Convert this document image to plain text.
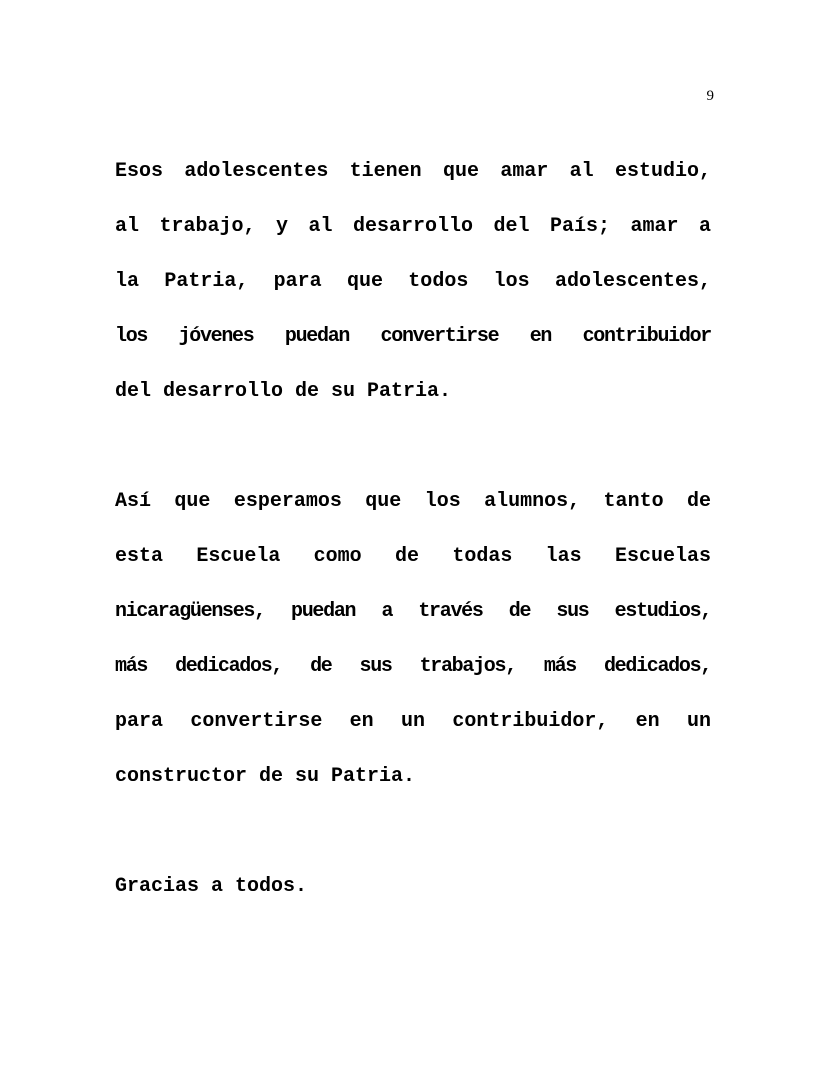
9
Esos adolescentes tienen que amar al estudio,
al trabajo, y al desarrollo del País; amar a
la Patria, para que todos los adolescentes,
los jóvenes puedan convertirse en contribuidor
del desarrollo de su Patria.
Así que esperamos que los alumnos, tanto de
esta Escuela como de todas las Escuelas
nicaragüenses, puedan a través de sus estudios,
más dedicados, de sus trabajos, más dedicados,
para convertirse en un contribuidor, en un
constructor de su Patria.
Gracias a todos.
